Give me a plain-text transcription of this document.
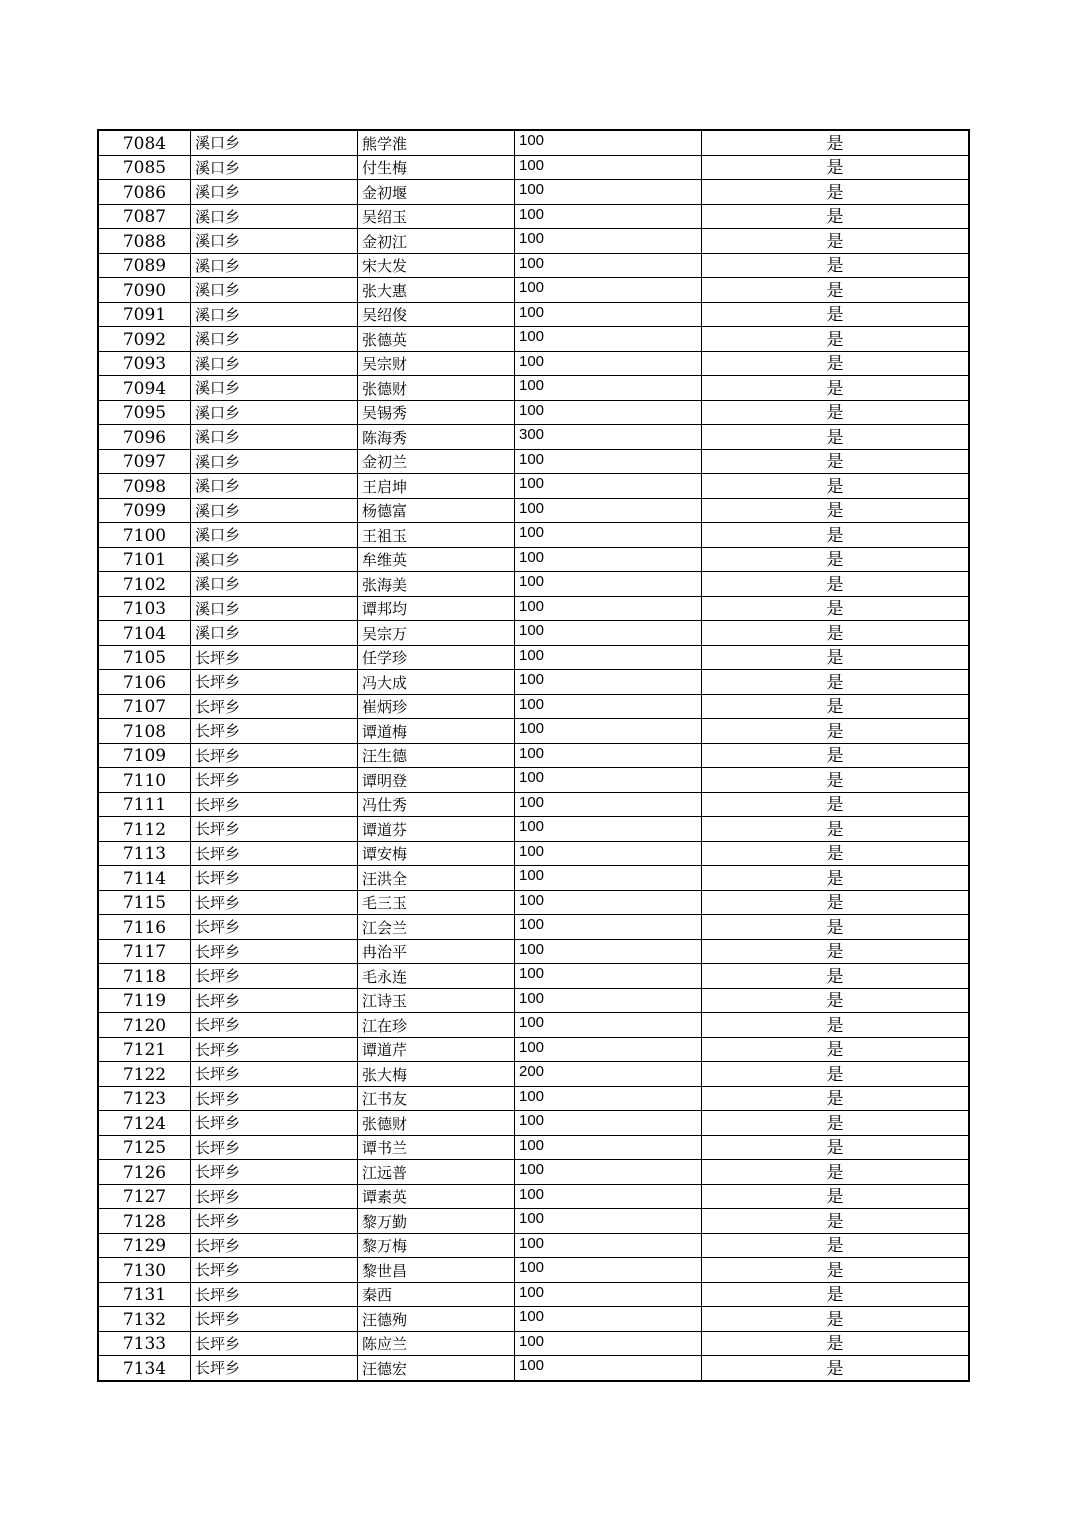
7084	溪口乡	熊学淮	100	是
7085	溪口乡	付生梅	100	是
7086	溪口乡	金初堰	100	是
7087	溪口乡	吴绍玉	100	是
7088	溪口乡	金初江	100	是
7089	溪口乡	宋大发	100	是
7090	溪口乡	张大惠	100	是
7091	溪口乡	吴绍俊	100	是
7092	溪口乡	张德英	100	是
7093	溪口乡	吴宗财	100	是
7094	溪口乡	张德财	100	是
7095	溪口乡	吴锡秀	100	是
7096	溪口乡	陈海秀	300	是
7097	溪口乡	金初兰	100	是
7098	溪口乡	王启坤	100	是
7099	溪口乡	杨德富	100	是
7100	溪口乡	王祖玉	100	是
7101	溪口乡	牟维英	100	是
7102	溪口乡	张海美	100	是
7103	溪口乡	谭邦均	100	是
7104	溪口乡	吴宗万	100	是
7105	长坪乡	任学珍	100	是
7106	长坪乡	冯大成	100	是
7107	长坪乡	崔炳珍	100	是
7108	长坪乡	谭道梅	100	是
7109	长坪乡	汪生德	100	是
7110	长坪乡	谭明登	100	是
7111	长坪乡	冯仕秀	100	是
7112	长坪乡	谭道芬	100	是
7113	长坪乡	谭安梅	100	是
7114	长坪乡	汪洪全	100	是
7115	长坪乡	毛三玉	100	是
7116	长坪乡	江会兰	100	是
7117	长坪乡	冉治平	100	是
7118	长坪乡	毛永连	100	是
7119	长坪乡	江诗玉	100	是
7120	长坪乡	江在珍	100	是
7121	长坪乡	谭道芹	100	是
7122	长坪乡	张大梅	200	是
7123	长坪乡	江书友	100	是
7124	长坪乡	张德财	100	是
7125	长坪乡	谭书兰	100	是
7126	长坪乡	江远普	100	是
7127	长坪乡	谭素英	100	是
7128	长坪乡	黎万勤	100	是
7129	长坪乡	黎万梅	100	是
7130	长坪乡	黎世昌	100	是
7131	长坪乡	秦西	100	是
7132	长坪乡	汪德殉	100	是
7133	长坪乡	陈应兰	100	是
7134	长坪乡	汪德宏	100	是
